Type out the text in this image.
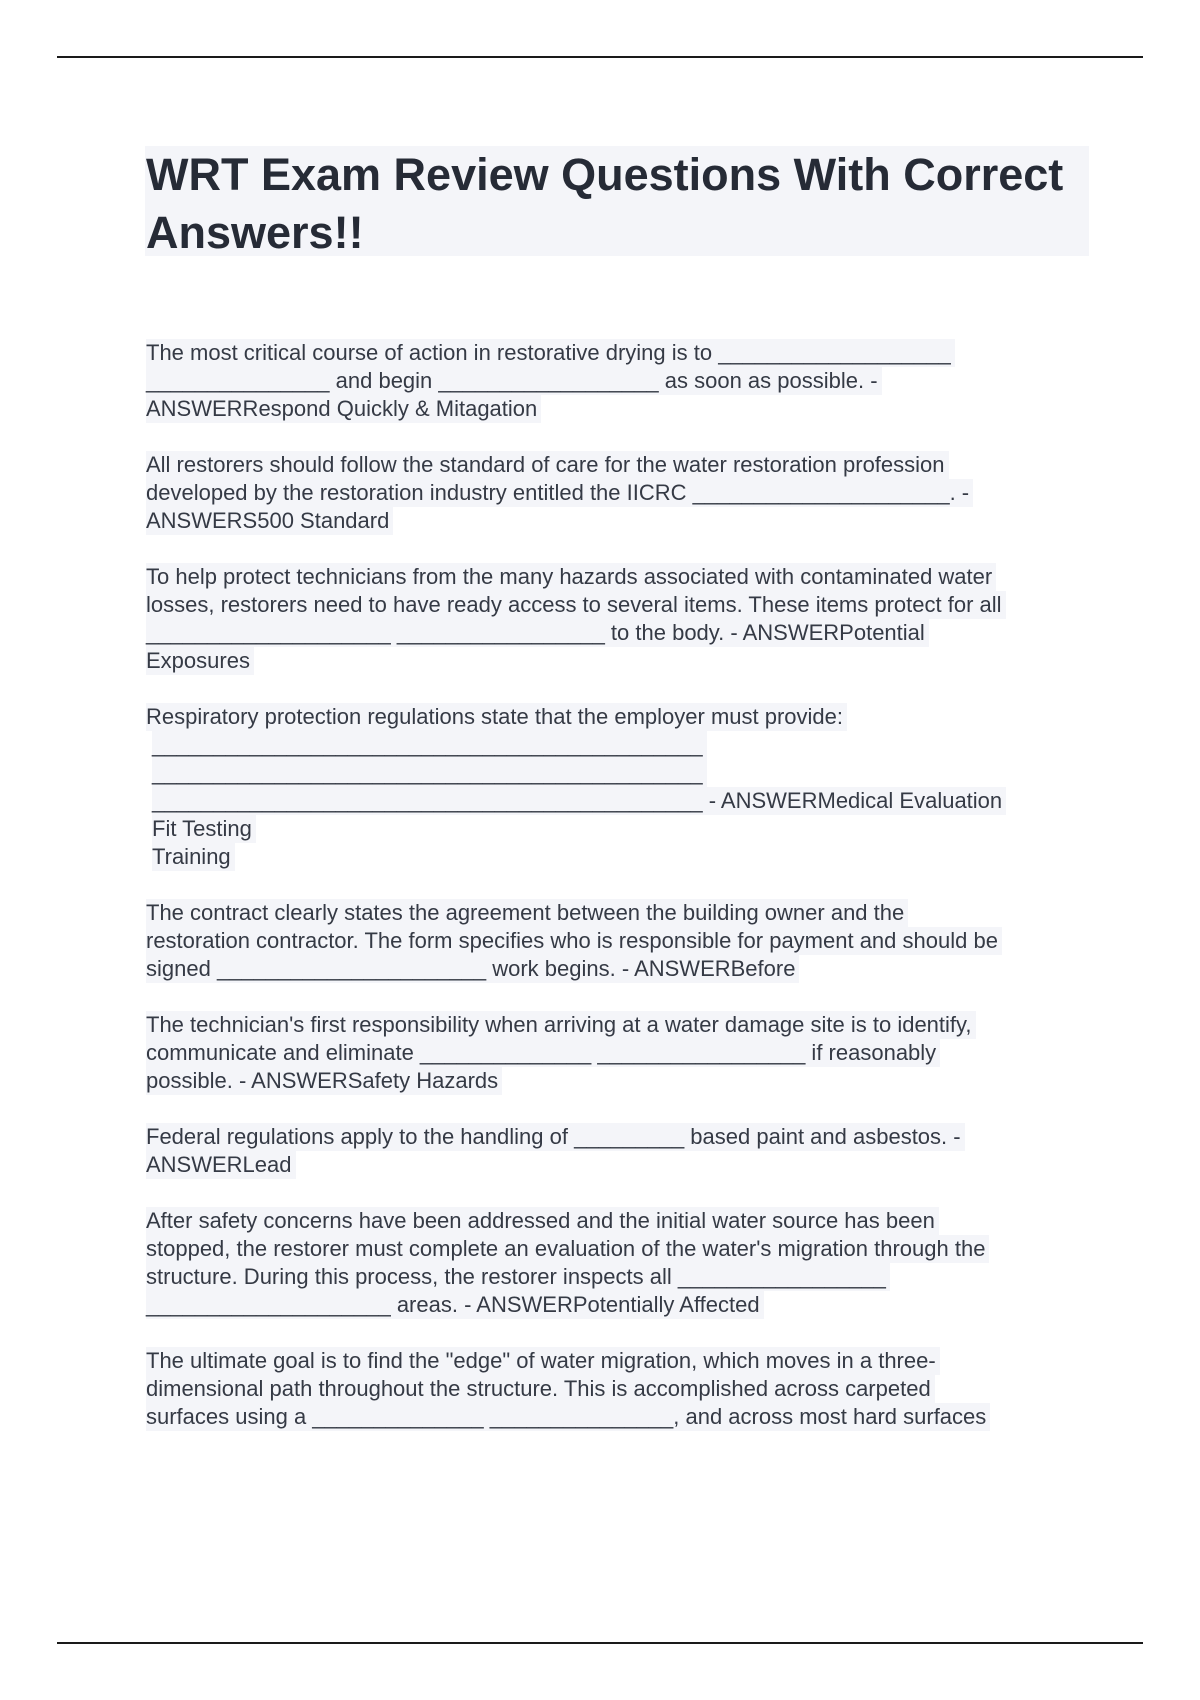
WRT Exam Review Questions With Correct Answers!!
The most critical course of action in restorative drying is to ___________________
_______________ and begin __________________ as soon as possible. -
ANSWERRespond Quickly & Mitagation
All restorers should follow the standard of care for the water restoration profession
developed by the restoration industry entitled the IICRC _____________________. -
ANSWERS500 Standard
To help protect technicians from the many hazards associated with contaminated water
losses, restorers need to have ready access to several items. These items protect for all
____________________ _________________ to the body. - ANSWERPotential
Exposures
Respiratory protection regulations state that the employer must provide:
_____________________________________________
_____________________________________________
_____________________________________________ - ANSWERMedical Evaluation
Fit Testing
Training
The contract clearly states the agreement between the building owner and the
restoration contractor. The form specifies who is responsible for payment and should be
signed ______________________ work begins. - ANSWERBefore
The technician's first responsibility when arriving at a water damage site is to identify,
communicate and eliminate ______________ _________________ if reasonably
possible. - ANSWERSafety Hazards
Federal regulations apply to the handling of _________ based paint and asbestos. -
ANSWERLead
After safety concerns have been addressed and the initial water source has been
stopped, the restorer must complete an evaluation of the water's migration through the
structure. During this process, the restorer inspects all _________________
____________________ areas. - ANSWERPotentially Affected
The ultimate goal is to find the "edge" of water migration, which moves in a three-
dimensional path throughout the structure. This is accomplished across carpeted
surfaces using a ______________ _______________, and across most hard surfaces
